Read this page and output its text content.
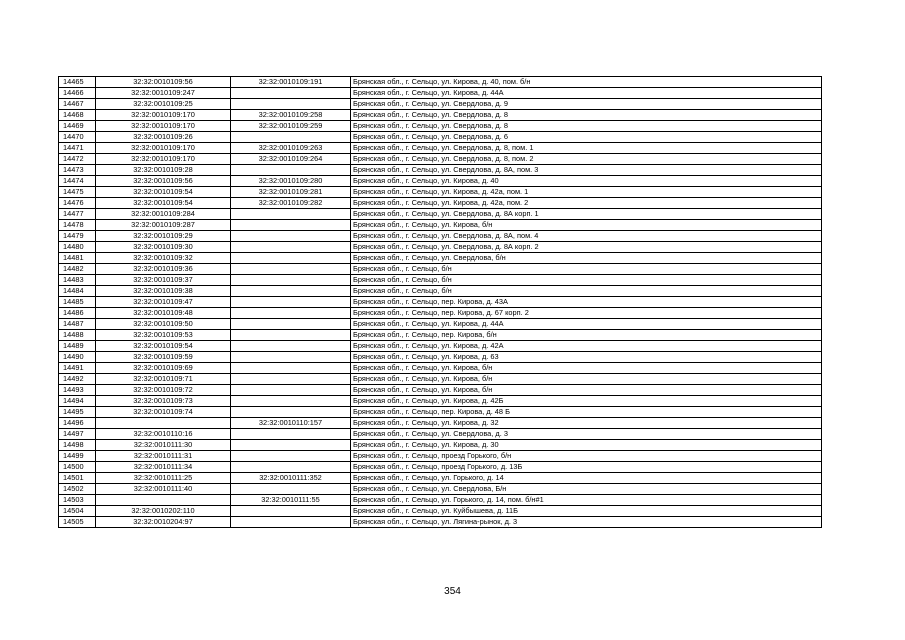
14465	32:32:0010109:56	32:32:0010109:191	Брянская обл., г. Сельцо, ул. Кирова, д. 40, пом. б/н
14466	32:32:0010109:247		Брянская обл., г. Сельцо, ул. Кирова, д. 44А
14467	32:32:0010109:25		Брянская обл., г. Сельцо, ул. Свердлова, д. 9
14468	32:32:0010109:170	32:32:0010109:258	Брянская обл., г. Сельцо, ул. Свердлова, д. 8
14469	32:32:0010109:170	32:32:0010109:259	Брянская обл., г. Сельцо, ул. Свердлова, д. 8
14470	32:32:0010109:26		Брянская обл., г. Сельцо, ул. Свердлова, д. 6
14471	32:32:0010109:170	32:32:0010109:263	Брянская обл., г. Сельцо, ул. Свердлова, д. 8, пом. 1
14472	32:32:0010109:170	32:32:0010109:264	Брянская обл., г. Сельцо, ул. Свердлова, д. 8, пом. 2
14473	32:32:0010109:28		Брянская обл., г. Сельцо, ул. Свердлова, д. 8А, пом. 3
14474	32:32:0010109:56	32:32:0010109:280	Брянская обл., г. Сельцо, ул. Кирова, д. 40
14475	32:32:0010109:54	32:32:0010109:281	Брянская обл., г. Сельцо, ул. Кирова, д. 42а, пом. 1
14476	32:32:0010109:54	32:32:0010109:282	Брянская обл., г. Сельцо, ул. Кирова, д. 42а, пом. 2
14477	32:32:0010109:284		Брянская обл., г. Сельцо, ул. Свердлова, д. 8А корп. 1
14478	32:32:0010109:287		Брянская обл., г. Сельцо, ул. Кирова, б/н
14479	32:32:0010109:29		Брянская обл., г. Сельцо, ул. Свердлова, д. 8А, пом. 4
14480	32:32:0010109:30		Брянская обл., г. Сельцо, ул. Свердлова, д. 8А корп. 2
14481	32:32:0010109:32		Брянская обл., г. Сельцо, ул. Свердлова, б/н
14482	32:32:0010109:36		Брянская обл., г. Сельцо, б/н
14483	32:32:0010109:37		Брянская обл., г. Сельцо, б/н
14484	32:32:0010109:38		Брянская обл., г. Сельцо, б/н
14485	32:32:0010109:47		Брянская обл., г. Сельцо, пер. Кирова, д. 43А
14486	32:32:0010109:48		Брянская обл., г. Сельцо, пер. Кирова, д. 67 корп. 2
14487	32:32:0010109:50		Брянская обл., г. Сельцо, ул. Кирова, д. 44А
14488	32:32:0010109:53		Брянская обл., г. Сельцо, пер. Кирова, б/н
14489	32:32:0010109:54		Брянская обл., г. Сельцо, ул. Кирова, д. 42А
14490	32:32:0010109:59		Брянская обл., г. Сельцо, ул. Кирова, д. 63
14491	32:32:0010109:69		Брянская обл., г. Сельцо, ул. Кирова, б/н
14492	32:32:0010109:71		Брянская обл., г. Сельцо, ул. Кирова, б/н
14493	32:32:0010109:72		Брянская обл., г. Сельцо, ул. Кирова, б/н
14494	32:32:0010109:73		Брянская обл., г. Сельцо, ул. Кирова, д. 42Б
14495	32:32:0010109:74		Брянская обл., г. Сельцо, пер. Кирова, д. 48 Б
14496		32:32:0010110:157	Брянская обл., г. Сельцо, ул. Кирова, д. 32
14497	32:32:0010110:16		Брянская обл., г. Сельцо, ул. Свердлова, д. 3
14498	32:32:0010111:30		Брянская обл., г. Сельцо, ул. Кирова, д. 30
14499	32:32:0010111:31		Брянская обл., г. Сельцо, проезд Горького, б/н
14500	32:32:0010111:34		Брянская обл., г. Сельцо, проезд Горького, д. 13Б
14501	32:32:0010111:25	32:32:0010111:352	Брянская обл., г. Сельцо, ул. Горького, д. 14
14502	32:32:0010111:40		Брянская обл., г. Сельцо, ул. Свердлова, Б/н
14503		32:32:0010111:55	Брянская обл., г. Сельцо, ул. Горького, д. 14, пом. б/н#1
14504	32:32:0010202:110		Брянская обл., г. Сельцо, ул. Куйбышева, д. 11Б
14505	32:32:0010204:97		Брянская обл., г. Сельцо, ул. Лягина-рынок, д. 3
354
